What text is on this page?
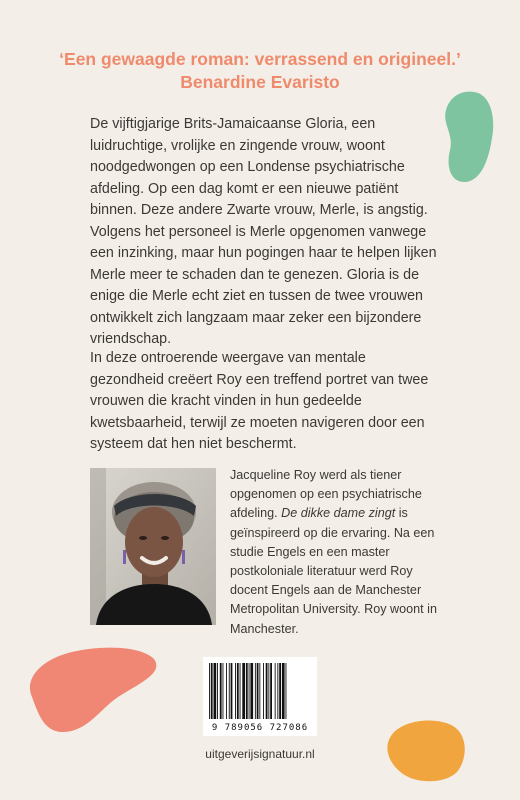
‘Een gewaagde roman: verrassend en origineel.’

Benardine Evaristo

De vijftigjarige Brits-Jamaicaanse Gloria, een luidruchtige, vrolijke en zingende vrouw, woont noodgedwongen op een Londense psychiatrische afdeling. Op een dag komt er een nieuwe patiënt binnen. Deze andere Zwarte vrouw, Merle, is angstig. Volgens het personeel is Merle opgenomen vanwege een inzinking, maar hun pogingen haar te helpen lijken Merle meer te schaden dan te genezen. Gloria is de enige die Merle echt ziet en tussen de twee vrouwen ontwikkelt zich langzaam maar zeker een bijzondere vriendschap.

In deze ontroerende weergave van mentale gezondheid creëert Roy een treffend portret van twee vrouwen die kracht vinden in hun gedeelde kwetsbaarheid, terwijl ze moeten navigeren door een systeem dat hen niet beschermt.

Jacqueline Roy werd als tiener opgenomen op een psychiatrische afdeling. De dikke dame zingt is geïnspireerd op die ervaring. Na een studie Engels en een master postkoloniale literatuur werd Roy docent Engels aan de Manchester Metropolitan University. Roy woont in Manchester.

9 789056 727086
uitgeverijsignatuur.nl
